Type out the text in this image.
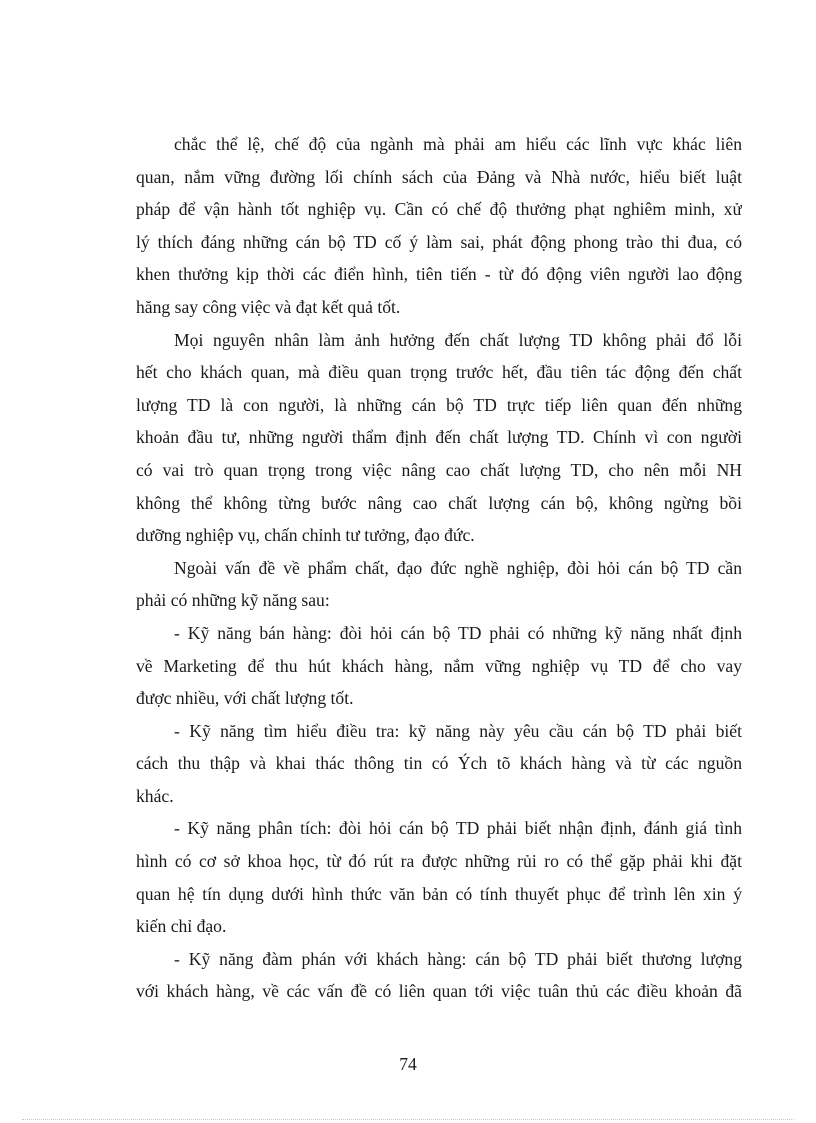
chắc thể lệ, chế độ của ngành mà phải am hiểu các lĩnh vực khác liên
quan, nắm vững đường lối chính sách của Đảng và Nhà nước, hiểu biết luật
pháp để vận hành tốt nghiệp vụ. Cần có chế độ thưởng phạt nghiêm minh, xử
lý thích đáng những cán bộ TD cố ý làm sai, phát động phong trào thi đua, có
khen thưởng kịp thời các điển hình, tiên tiến - từ đó động viên người lao động
hăng say công việc và đạt kết quả tốt.
Mọi nguyên nhân làm ảnh hưởng đến chất lượng TD không phải đổ lỗi
hết cho khách quan, mà điều quan trọng trước hết, đầu tiên tác động đến chất
lượng TD là con người, là những cán bộ TD trực tiếp liên quan đến những
khoản đầu tư, những người thẩm định đến chất lượng TD. Chính vì con người
có vai trò quan trọng trong việc nâng cao chất lượng TD, cho nên mỗi NH
không thể không từng bước nâng cao chất lượng cán bộ, không ngừng bồi
dưỡng nghiệp vụ, chấn chỉnh tư tưởng, đạo đức.
Ngoài vấn đề về phẩm chất, đạo đức nghề nghiệp, đòi hỏi cán bộ TD cần
phải có những kỹ năng sau:
- Kỹ năng bán hàng: đòi hỏi cán bộ TD phải có những kỹ năng nhất định
về Marketing để thu hút khách hàng, nắm vững nghiệp vụ TD để cho vay
được nhiều, với chất lượng tốt.
- Kỹ năng tìm hiểu điều tra: kỹ năng này yêu cầu cán bộ TD phải biết
cách thu thập và khai thác thông tin có Ých tõ khách hàng và từ các nguồn
khác.
- Kỹ năng phân tích: đòi hỏi cán bộ TD phải biết nhận định, đánh giá tình
hình có cơ sở khoa học, từ đó rút ra được những rủi ro có thể gặp phải khi đặt
quan hệ tín dụng dưới hình thức văn bản có tính thuyết phục để trình lên xin ý
kiến chỉ đạo.
- Kỹ năng đàm phán với khách hàng: cán bộ TD phải biết thương lượng
với khách hàng, về các vấn đề có liên quan tới việc tuân thủ các điều khoản đã
74
